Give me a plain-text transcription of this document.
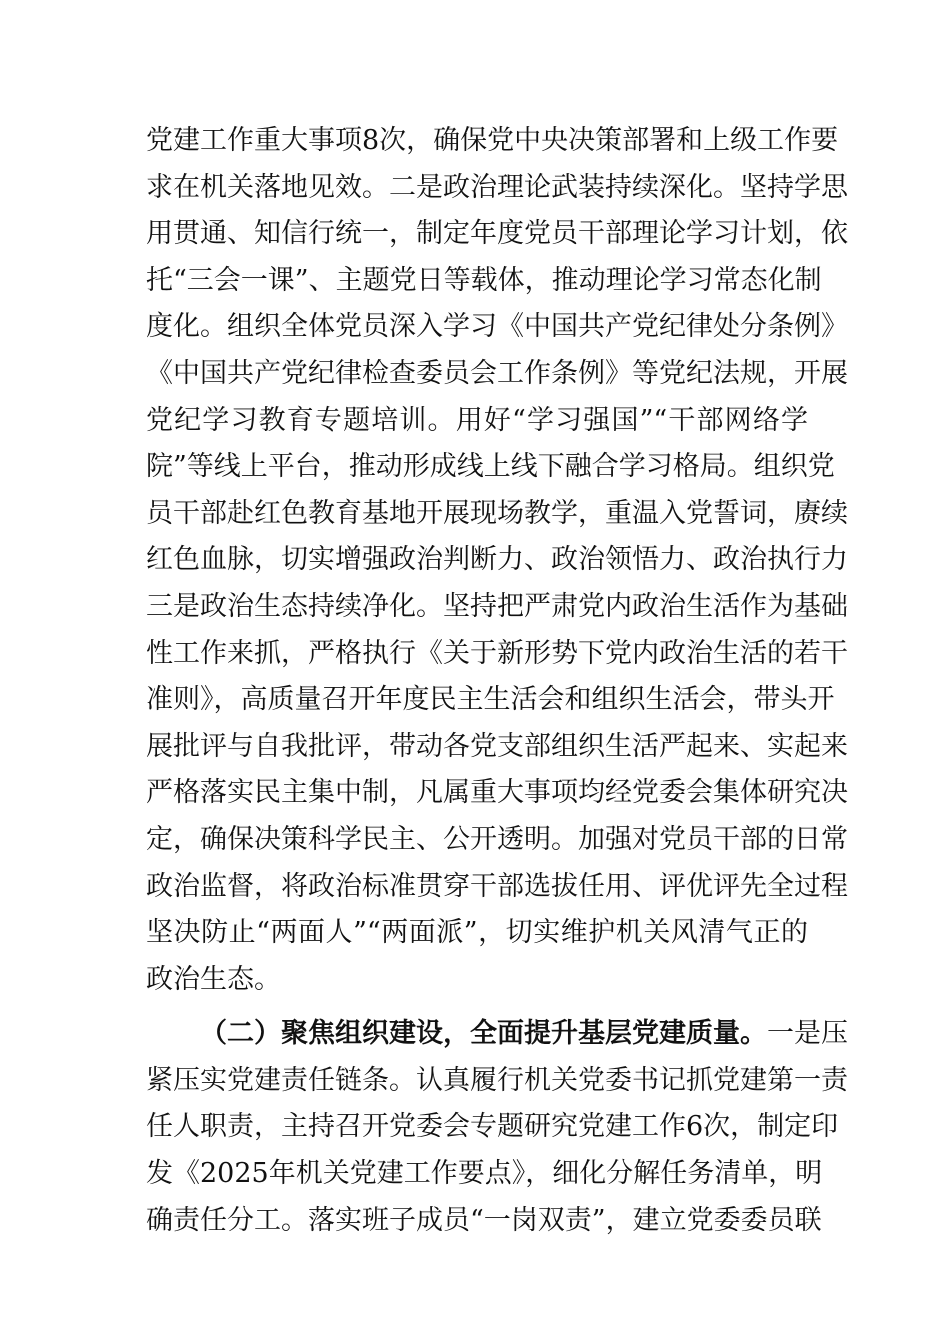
党建工作重大事项8次，确保党中央决策部署和上级工作要
求在机关落地见效。二是政治理论武装持续深化。坚持学思
用贯通、知信行统一，制定年度党员干部理论学习计划，依
托“三会一课”、主题党日等载体，推动理论学习常态化制
度化。组织全体党员深入学习《中国共产党纪律处分条例》
《中国共产党纪律检查委员会工作条例》等党纪法规，开展
党纪学习教育专题培训。用好“学习强国”“干部网络学
院”等线上平台，推动形成线上线下融合学习格局。组织党
员干部赴红色教育基地开展现场教学，重温入党誓词，赓续
红色血脉，切实增强政治判断力、政治领悟力、政治执行力
三是政治生态持续净化。坚持把严肃党内政治生活作为基础
性工作来抓，严格执行《关于新形势下党内政治生活的若干
准则》，高质量召开年度民主生活会和组织生活会，带头开
展批评与自我批评，带动各党支部组织生活严起来、实起来
严格落实民主集中制，凡属重大事项均经党委会集体研究决
定，确保决策科学民主、公开透明。加强对党员干部的日常
政治监督，将政治标准贯穿干部选拔任用、评优评先全过程
坚决防止“两面人”“两面派”，切实维护机关风清气正的
政治生态。
（二）聚焦组织建设，全面提升基层党建质量。一是压
紧压实党建责任链条。认真履行机关党委书记抓党建第一责
任人职责，主持召开党委会专题研究党建工作6次，制定印
发《2025年机关党建工作要点》，细化分解任务清单，明
确责任分工。落实班子成员“一岗双责”，建立党委委员联
